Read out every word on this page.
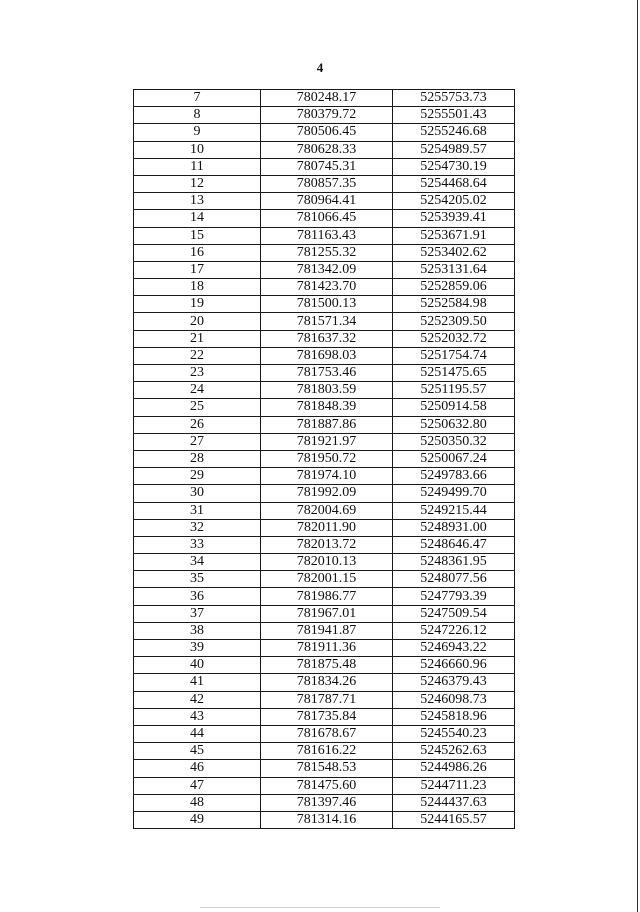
4
7	780248.17	5255753.73
8	780379.72	5255501.43
9	780506.45	5255246.68
10	780628.33	5254989.57
11	780745.31	5254730.19
12	780857.35	5254468.64
13	780964.41	5254205.02
14	781066.45	5253939.41
15	781163.43	5253671.91
16	781255.32	5253402.62
17	781342.09	5253131.64
18	781423.70	5252859.06
19	781500.13	5252584.98
20	781571.34	5252309.50
21	781637.32	5252032.72
22	781698.03	5251754.74
23	781753.46	5251475.65
24	781803.59	5251195.57
25	781848.39	5250914.58
26	781887.86	5250632.80
27	781921.97	5250350.32
28	781950.72	5250067.24
29	781974.10	5249783.66
30	781992.09	5249499.70
31	782004.69	5249215.44
32	782011.90	5248931.00
33	782013.72	5248646.47
34	782010.13	5248361.95
35	782001.15	5248077.56
36	781986.77	5247793.39
37	781967.01	5247509.54
38	781941.87	5247226.12
39	781911.36	5246943.22
40	781875.48	5246660.96
41	781834.26	5246379.43
42	781787.71	5246098.73
43	781735.84	5245818.96
44	781678.67	5245540.23
45	781616.22	5245262.63
46	781548.53	5244986.26
47	781475.60	5244711.23
48	781397.46	5244437.63
49	781314.16	5244165.57
